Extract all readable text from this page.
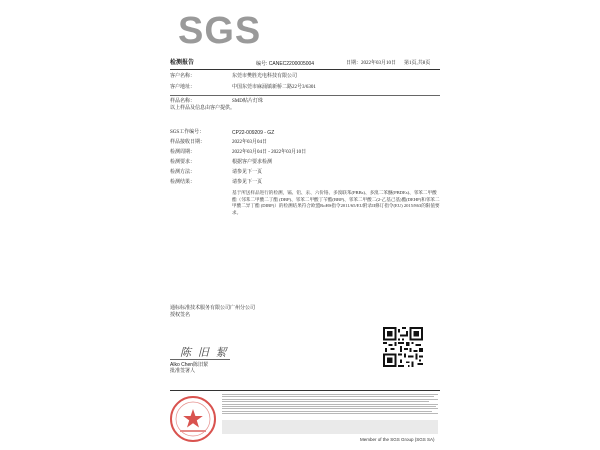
SGS
检测报告	编号: CANEC2200005004	日期：2022年03月10日 第1页,共8页
客户名称：	东莞市樊胜光电科技有限公司
客户地址：	中国东莞市麻涌镇新桥二路22号3/6301
样品名称：	SMD贴片灯珠
以上样品及信息由客户提供。
SGS工作编号：	CP22-009209 - GZ
样品接收日期：	2022年03月04日
检测周期：	2022年03月04日 - 2022年03月10日
检测要求：	根据客户要求检测
检测方法：	请参见下一页
检测结果：	请参见下一页
基于所送样品进行的检测，镉、铅、汞、六价铬、多溴联苯(PBBs)、多溴二苯醚(PBDEs)、邻苯二甲酸酯（邻苯二甲酸二丁酯 (DBP)、邻苯二甲酸丁苄酯(BBP)、邻苯二甲酸二(2-乙基己基)酯(DEHP)和邻苯二甲酸二异丁酯 (DIBP)）的检测结果符合欧盟RoHS指令2011/65/EU附录II修订指令(EU) 2015/863的限值要求。
通标标准技术服务有限公司广州分公司
授权签名
陈 旧 絜
Alko Chen陈旧絜
批准签署人
Member of the SGS Group (SGS SA)
